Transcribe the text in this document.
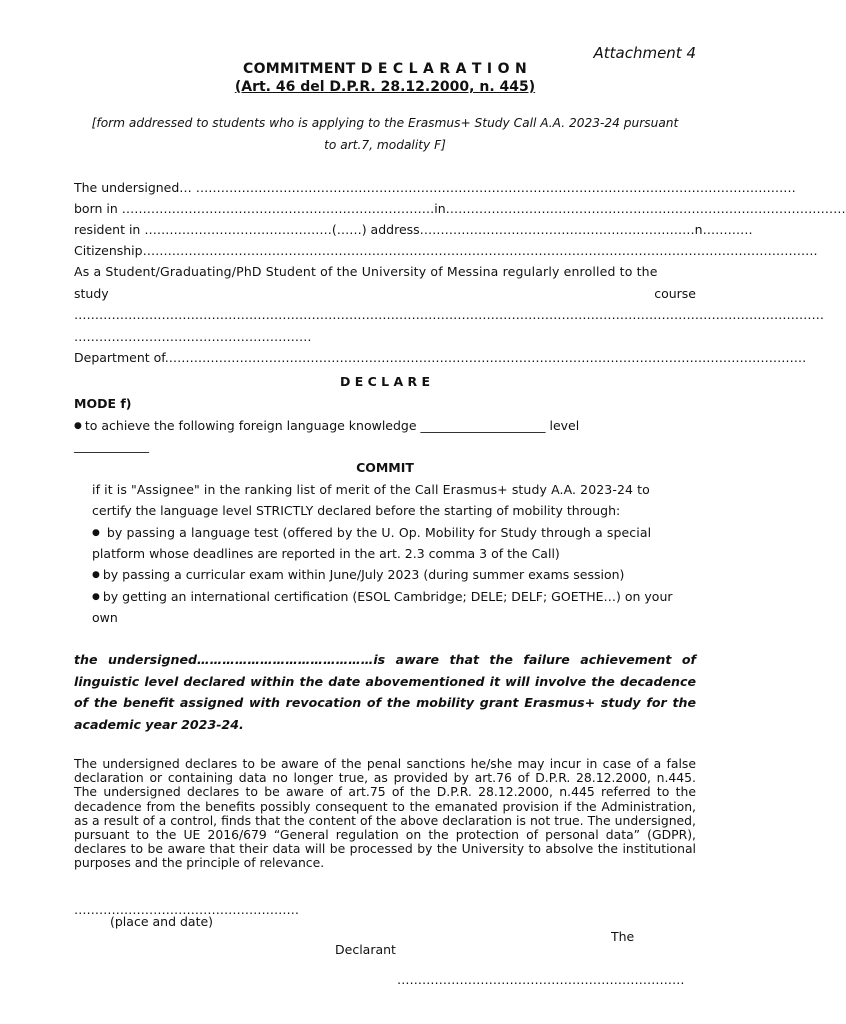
Attachment 4
COMMITMENT D E C L A R A T I O N
(Art. 46 del D.P.R. 28.12.2000, n. 445)
[form addressed to students who is applying to the Erasmus+ Study Call A.A. 2023-24 pursuant
to art.7, modality F]
The undersigned… ………………………………………………………………………………………………………………………………
born in …………………………………………………………………in……………………………………………………………………………………
resident in ………………………………………(……) address…………………………………………………………n…………
Citizenship………………………………………………………………………………………………………………………………………………
As a Student/Graduating/PhD Student of the University of Messina regularly enrolled to the
study	course
………………………………………………………………………………………………………………………………………………………………
…………………………………………………
Department of.………………………………………………………………………………………………………………………………………
D E C L A R E
MODE f)
● to achieve the following foreign language knowledge ____________________ level
____________
COMMIT
if it is "Assignee" in the ranking list of merit of the Call Erasmus+ study A.A. 2023-24 to
certify the language level STRICTLY declared before the starting of mobility through:
● by passing a language test (offered by the U. Op. Mobility for Study through a special
platform whose deadlines are reported in the art. 2.3 comma 3 of the Call)
● by passing a curricular exam within June/July 2023 (during summer exams session)
● by getting an international certification (ESOL Cambridge; DELE; DELF; GOETHE…) on your
own
the undersigned……………………………………is aware that the failure achievement of linguistic level declared within the date abovementioned it will involve the decadence of the benefit assigned with revocation of the mobility grant Erasmus+ study for the academic year 2023-24.
The undersigned declares to be aware of the penal sanctions he/she may incur in case of a false declaration or containing data no longer true, as provided by art.76 of D.P.R. 28.12.2000, n.445. The undersigned declares to be aware of art.75 of the D.P.R. 28.12.2000, n.445 referred to the decadence from the benefits possibly consequent to the emanated provision if the Administration, as a result of a control, finds that the content of the above declaration is not true. The undersigned, pursuant to the UE 2016/679 “General regulation on the protection of personal data” (GDPR), declares to be aware that their data will be processed by the University to absolve the institutional purposes and the principle of relevance.
………………………………………………
(place and date)
The
Declarant
……………………………………………………………
